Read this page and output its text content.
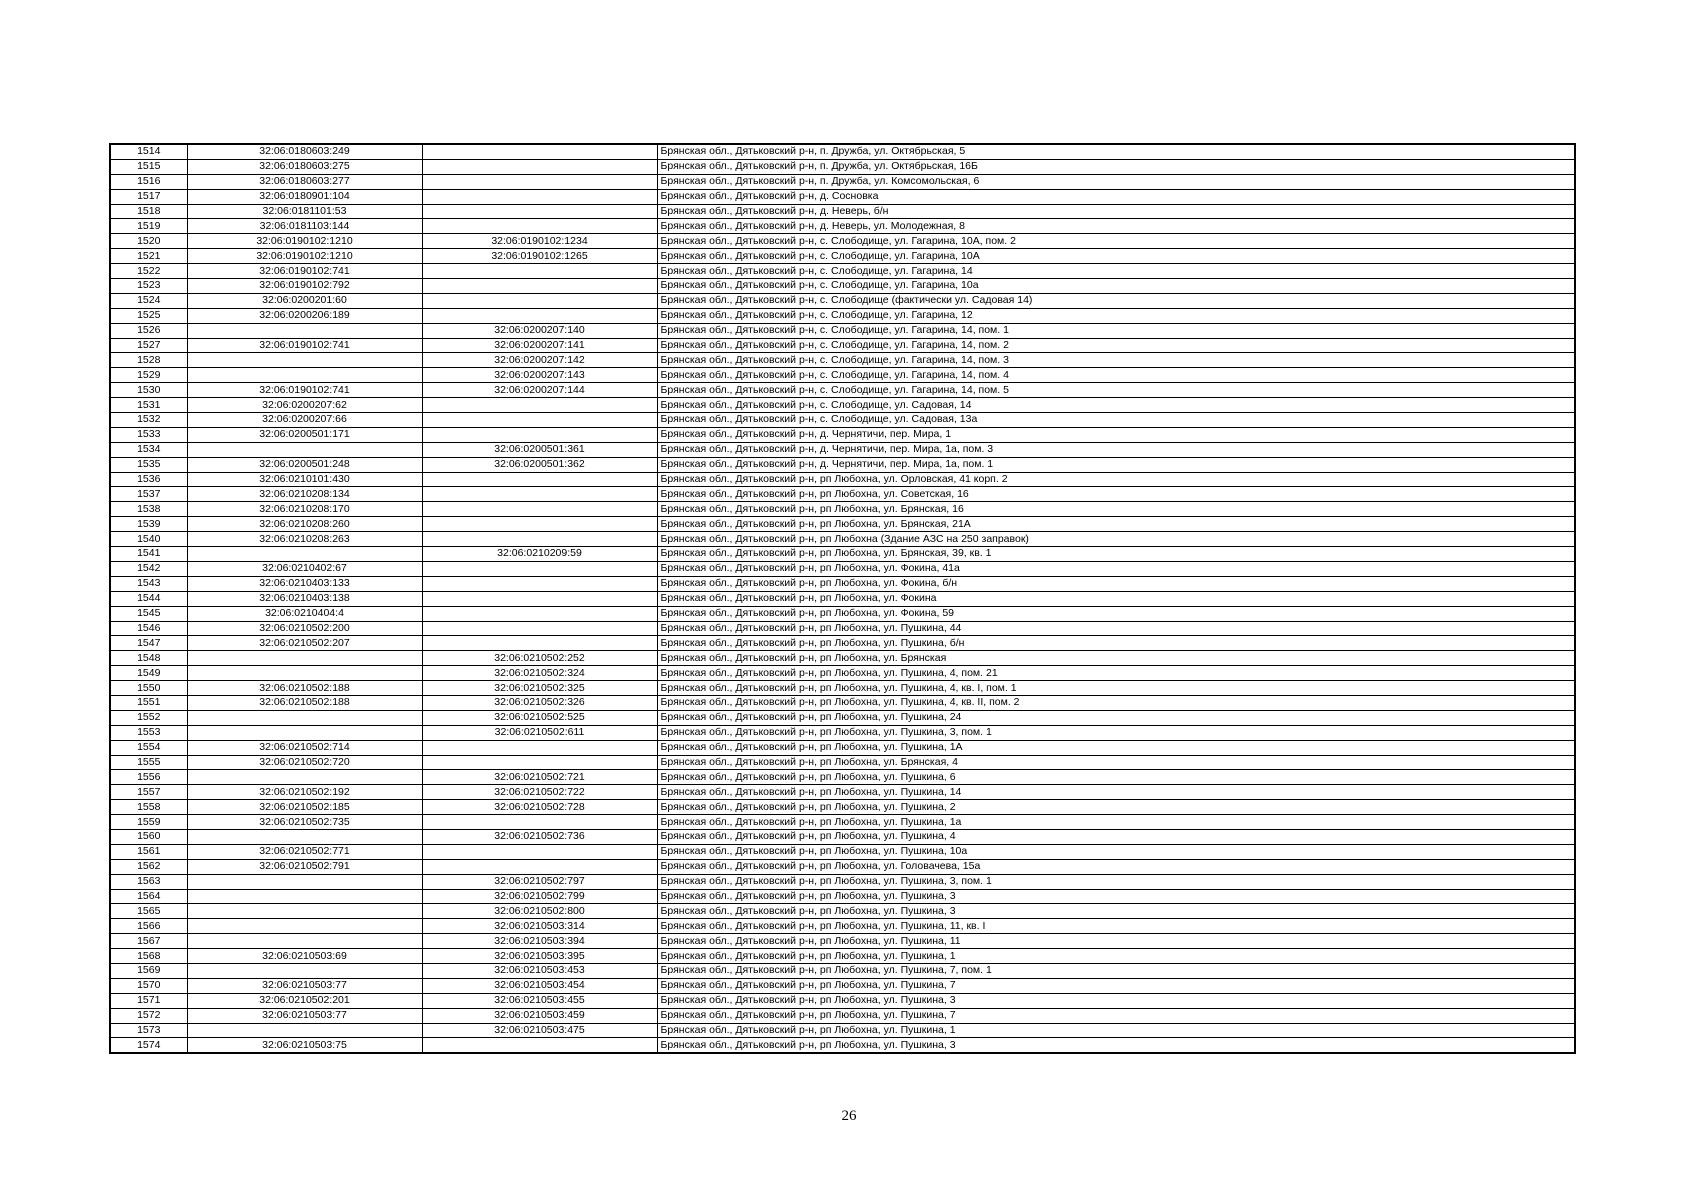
1514	32:06:0180603:249		Брянская обл., Дятьковский р-н, п. Дружба, ул. Октябрьская, 5
1515	32:06:0180603:275		Брянская обл., Дятьковский р-н, п. Дружба, ул. Октябрьская, 16Б
1516	32:06:0180603:277		Брянская обл., Дятьковский р-н, п. Дружба, ул. Комсомольская, 6
1517	32:06:0180901:104		Брянская обл., Дятьковский р-н, д. Сосновка
1518	32:06:0181101:53		Брянская обл., Дятьковский р-н, д. Неверь, б/н
1519	32:06:0181103:144		Брянская обл., Дятьковский р-н, д. Неверь, ул. Молодежная, 8
1520	32:06:0190102:1210	32:06:0190102:1234	Брянская обл., Дятьковский р-н, с. Слободище, ул. Гагарина, 10А, пом. 2
1521	32:06:0190102:1210	32:06:0190102:1265	Брянская обл., Дятьковский р-н, с. Слободище, ул. Гагарина, 10А
1522	32:06:0190102:741		Брянская обл., Дятьковский р-н, с. Слободище, ул. Гагарина, 14
1523	32:06:0190102:792		Брянская обл., Дятьковский р-н, с. Слободище, ул. Гагарина, 10а
1524	32:06:0200201:60		Брянская обл., Дятьковский р-н, с. Слободище (фактически ул. Садовая 14)
1525	32:06:0200206:189		Брянская обл., Дятьковский р-н, с. Слободище, ул. Гагарина, 12
1526		32:06:0200207:140	Брянская обл., Дятьковский р-н, с. Слободище, ул. Гагарина, 14, пом. 1
1527	32:06:0190102:741	32:06:0200207:141	Брянская обл., Дятьковский р-н, с. Слободище, ул. Гагарина, 14, пом. 2
1528		32:06:0200207:142	Брянская обл., Дятьковский р-н, с. Слободище, ул. Гагарина, 14, пом. 3
1529		32:06:0200207:143	Брянская обл., Дятьковский р-н, с. Слободище, ул. Гагарина, 14, пом. 4
1530	32:06:0190102:741	32:06:0200207:144	Брянская обл., Дятьковский р-н, с. Слободище, ул. Гагарина, 14, пом. 5
1531	32:06:0200207:62		Брянская обл., Дятьковский р-н, с. Слободище, ул. Садовая, 14
1532	32:06:0200207:66		Брянская обл., Дятьковский р-н, с. Слободище, ул. Садовая, 13а
1533	32:06:0200501:171		Брянская обл., Дятьковский р-н, д. Чернятичи, пер. Мира, 1
1534		32:06:0200501:361	Брянская обл., Дятьковский р-н, д. Чернятичи, пер. Мира, 1а, пом. 3
1535	32:06:0200501:248	32:06:0200501:362	Брянская обл., Дятьковский р-н, д. Чернятичи, пер. Мира, 1а, пом. 1
1536	32:06:0210101:430		Брянская обл., Дятьковский р-н, рп Любохна, ул. Орловская, 41 корп. 2
1537	32:06:0210208:134		Брянская обл., Дятьковский р-н, рп Любохна, ул. Советская, 16
1538	32:06:0210208:170		Брянская обл., Дятьковский р-н, рп Любохна, ул. Брянская, 16
1539	32:06:0210208:260		Брянская обл., Дятьковский р-н, рп Любохна, ул. Брянская, 21А
1540	32:06:0210208:263		Брянская обл., Дятьковский р-н, рп Любохна (Здание АЗС на 250 заправок)
1541		32:06:0210209:59	Брянская обл., Дятьковский р-н, рп Любохна, ул. Брянская, 39, кв. 1
1542	32:06:0210402:67		Брянская обл., Дятьковский р-н, рп Любохна, ул. Фокина, 41а
1543	32:06:0210403:133		Брянская обл., Дятьковский р-н, рп Любохна, ул. Фокина, б/н
1544	32:06:0210403:138		Брянская обл., Дятьковский р-н, рп Любохна, ул. Фокина
1545	32:06:0210404:4		Брянская обл., Дятьковский р-н, рп Любохна, ул. Фокина, 59
1546	32:06:0210502:200		Брянская обл., Дятьковский р-н, рп Любохна, ул. Пушкина, 44
1547	32:06:0210502:207		Брянская обл., Дятьковский р-н, рп Любохна, ул. Пушкина, б/н
1548		32:06:0210502:252	Брянская обл., Дятьковский р-н, рп Любохна, ул. Брянская
1549		32:06:0210502:324	Брянская обл., Дятьковский р-н, рп Любохна, ул. Пушкина, 4, пом. 21
1550	32:06:0210502:188	32:06:0210502:325	Брянская обл., Дятьковский р-н, рп Любохна, ул. Пушкина, 4, кв. I, пом. 1
1551	32:06:0210502:188	32:06:0210502:326	Брянская обл., Дятьковский р-н, рп Любохна, ул. Пушкина, 4, кв. II, пом. 2
1552		32:06:0210502:525	Брянская обл., Дятьковский р-н, рп Любохна, ул. Пушкина, 24
1553		32:06:0210502:611	Брянская обл., Дятьковский р-н, рп Любохна, ул. Пушкина, 3, пом. 1
1554	32:06:0210502:714		Брянская обл., Дятьковский р-н, рп Любохна, ул. Пушкина, 1А
1555	32:06:0210502:720		Брянская обл., Дятьковский р-н, рп Любохна, ул. Брянская, 4
1556		32:06:0210502:721	Брянская обл., Дятьковский р-н, рп Любохна, ул. Пушкина, 6
1557	32:06:0210502:192	32:06:0210502:722	Брянская обл., Дятьковский р-н, рп Любохна, ул. Пушкина, 14
1558	32:06:0210502:185	32:06:0210502:728	Брянская обл., Дятьковский р-н, рп Любохна, ул. Пушкина, 2
1559	32:06:0210502:735		Брянская обл., Дятьковский р-н, рп Любохна, ул. Пушкина, 1а
1560		32:06:0210502:736	Брянская обл., Дятьковский р-н, рп Любохна, ул. Пушкина, 4
1561	32:06:0210502:771		Брянская обл., Дятьковский р-н, рп Любохна, ул. Пушкина, 10а
1562	32:06:0210502:791		Брянская обл., Дятьковский р-н, рп Любохна, ул. Головачева, 15а
1563		32:06:0210502:797	Брянская обл., Дятьковский р-н, рп Любохна, ул. Пушкина, 3, пом. 1
1564		32:06:0210502:799	Брянская обл., Дятьковский р-н, рп Любохна, ул. Пушкина, 3
1565		32:06:0210502:800	Брянская обл., Дятьковский р-н, рп Любохна, ул. Пушкина, 3
1566		32:06:0210503:314	Брянская обл., Дятьковский р-н, рп Любохна, ул. Пушкина, 11, кв. I
1567		32:06:0210503:394	Брянская обл., Дятьковский р-н, рп Любохна, ул. Пушкина, 11
1568	32:06:0210503:69	32:06:0210503:395	Брянская обл., Дятьковский р-н, рп Любохна, ул. Пушкина, 1
1569		32:06:0210503:453	Брянская обл., Дятьковский р-н, рп Любохна, ул. Пушкина, 7, пом. 1
1570	32:06:0210503:77	32:06:0210503:454	Брянская обл., Дятьковский р-н, рп Любохна, ул. Пушкина, 7
1571	32:06:0210502:201	32:06:0210503:455	Брянская обл., Дятьковский р-н, рп Любохна, ул. Пушкина, 3
1572	32:06:0210503:77	32:06:0210503:459	Брянская обл., Дятьковский р-н, рп Любохна, ул. Пушкина, 7
1573		32:06:0210503:475	Брянская обл., Дятьковский р-н, рп Любохна, ул. Пушкина, 1
1574	32:06:0210503:75		Брянская обл., Дятьковский р-н, рп Любохна, ул. Пушкина, 3
26
